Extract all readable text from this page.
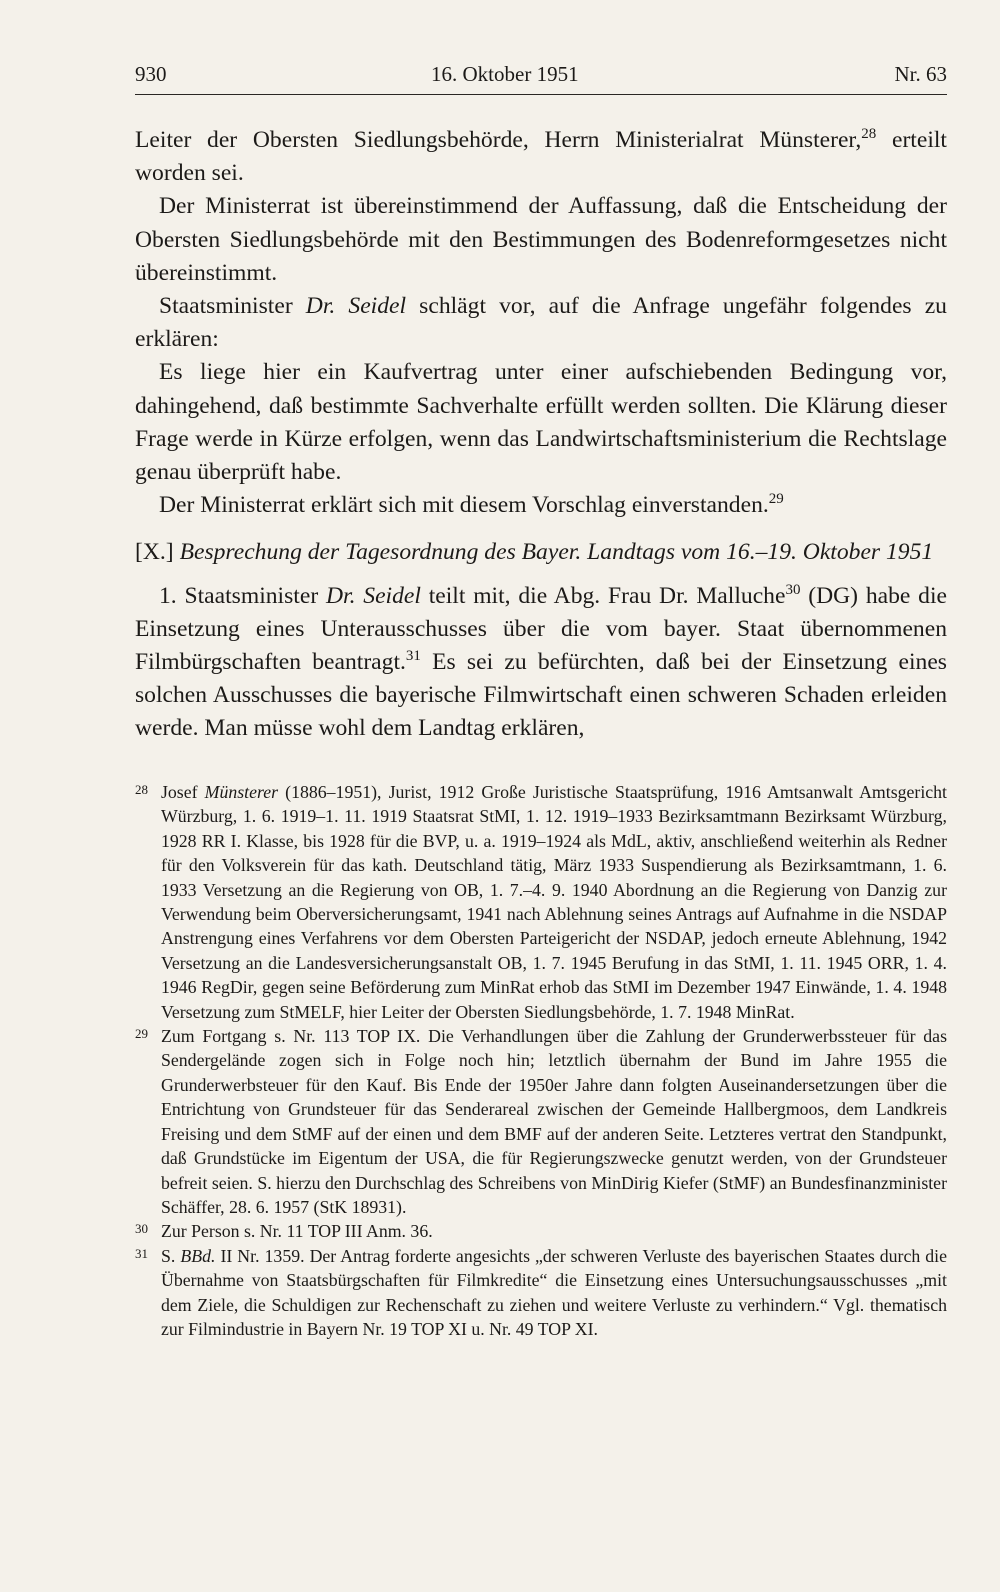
930	16. Oktober 1951	Nr. 63

Leiter der Obersten Siedlungsbehörde, Herrn Ministerialrat Münsterer,$^{28}$ erteilt worden sei.

Der Ministerrat ist übereinstimmend der Auffassung, daß die Entscheidung der Obersten Siedlungsbehörde mit den Bestimmungen des Bodenreformgesetzes nicht übereinstimmt.

Staatsminister Dr. Seidel schlägt vor, auf die Anfrage ungefähr folgendes zu erklären:

Es liege hier ein Kaufvertrag unter einer aufschiebenden Bedingung vor, dahingehend, daß bestimmte Sachverhalte erfüllt werden sollten. Die Klärung dieser Frage werde in Kürze erfolgen, wenn das Landwirtschaftsministerium die Rechtslage genau überprüft habe.

Der Ministerrat erklärt sich mit diesem Vorschlag einverstanden.$^{29}$

[X.] Besprechung der Tagesordnung des Bayer. Landtags vom 16.–19. Oktober 1951

1. Staatsminister Dr. Seidel teilt mit, die Abg. Frau Dr. Malluche$^{30}$ (DG) habe die Einsetzung eines Unterausschusses über die vom bayer. Staat übernommenen Filmbürgschaften beantragt.$^{31}$ Es sei zu befürchten, daß bei der Einsetzung eines solchen Ausschusses die bayerische Filmwirtschaft einen schweren Schaden erleiden werde. Man müsse wohl dem Landtag erklären,

28 Josef Münsterer (1886–1951), Jurist, 1912 Große Juristische Staatsprüfung, 1916 Amtsanwalt Amtsgericht Würzburg, 1. 6. 1919–1. 11. 1919 Staatsrat StMI, 1. 12. 1919–1933 Bezirksamtmann Bezirksamt Würzburg, 1928 RR I. Klasse, bis 1928 für die BVP, u. a. 1919–1924 als MdL, aktiv, anschließend weiterhin als Redner für den Volksverein für das kath. Deutschland tätig, März 1933 Suspendierung als Bezirksamtmann, 1. 6. 1933 Versetzung an die Regierung von OB, 1. 7.–4. 9. 1940 Abordnung an die Regierung von Danzig zur Verwendung beim Oberversicherungsamt, 1941 nach Ablehnung seines Antrags auf Aufnahme in die NSDAP Anstrengung eines Verfahrens vor dem Obersten Parteigericht der NSDAP, jedoch erneute Ablehnung, 1942 Versetzung an die Landesversicherungsanstalt OB, 1. 7. 1945 Berufung in das StMI, 1. 11. 1945 ORR, 1. 4. 1946 RegDir, gegen seine Beförderung zum MinRat erhob das StMI im Dezember 1947 Einwände, 1. 4. 1948 Versetzung zum StMELF, hier Leiter der Obersten Siedlungsbehörde, 1. 7. 1948 MinRat.

29 Zum Fortgang s. Nr. 113 TOP IX. Die Verhandlungen über die Zahlung der Grunderwerbssteuer für das Sendergelände zogen sich in Folge noch hin; letztlich übernahm der Bund im Jahre 1955 die Grunderwerbsteuer für den Kauf. Bis Ende der 1950er Jahre dann folgten Auseinandersetzungen über die Entrichtung von Grundsteuer für das Senderareal zwischen der Gemeinde Hallbergmoos, dem Landkreis Freising und dem StMF auf der einen und dem BMF auf der anderen Seite. Letzteres vertrat den Standpunkt, daß Grundstücke im Eigentum der USA, die für Regierungszwecke genutzt werden, von der Grundsteuer befreit seien. S. hierzu den Durchschlag des Schreibens von MinDirig Kiefer (StMF) an Bundesfinanzminister Schäffer, 28. 6. 1957 (StK 18931).

30 Zur Person s. Nr. 11 TOP III Anm. 36.

31 S. BBd. II Nr. 1359. Der Antrag forderte angesichts „der schweren Verluste des bayerischen Staates durch die Übernahme von Staatsbürgschaften für Filmkredite“ die Einsetzung eines Untersuchungsausschusses „mit dem Ziele, die Schuldigen zur Rechenschaft zu ziehen und weitere Verluste zu verhindern.“ Vgl. thematisch zur Filmindustrie in Bayern Nr. 19 TOP XI u. Nr. 49 TOP XI.
